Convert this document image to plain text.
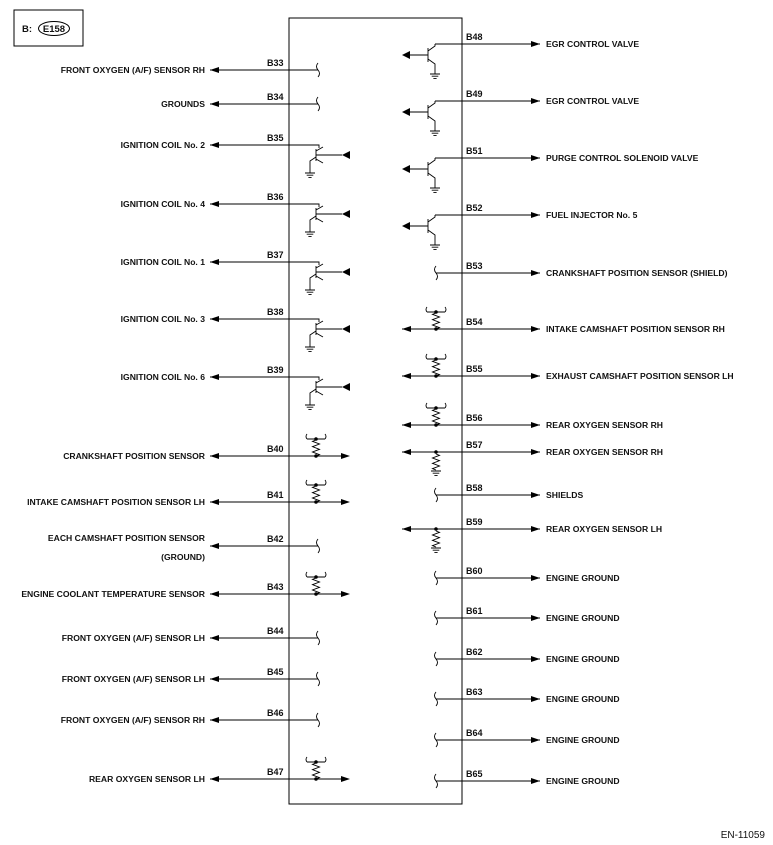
B: E158
FRONT OXYGEN (A/F) SENSOR RH
B33
GROUNDS
B34
IGNITION COIL No. 2
B35
IGNITION COIL No. 4
B36
IGNITION COIL No. 1
B37
IGNITION COIL No. 3
B38
IGNITION COIL No. 6
B39
CRANKSHAFT POSITION SENSOR
B40
INTAKE CAMSHAFT POSITION SENSOR LH
B41
EACH CAMSHAFT POSITION SENSOR
(GROUND)
B42
ENGINE COOLANT TEMPERATURE SENSOR
B43
FRONT OXYGEN (A/F) SENSOR LH
B44
FRONT OXYGEN (A/F) SENSOR LH
B45
FRONT OXYGEN (A/F) SENSOR RH
B46
REAR OXYGEN SENSOR LH
B47
EGR CONTROL VALVE
B48
EGR CONTROL VALVE
B49
PURGE CONTROL SOLENOID VALVE
B51
FUEL INJECTOR No. 5
B52
CRANKSHAFT POSITION SENSOR (SHIELD)
B53
INTAKE CAMSHAFT POSITION SENSOR RH
B54
EXHAUST CAMSHAFT POSITION SENSOR LH
B55
REAR OXYGEN SENSOR RH
B56
REAR OXYGEN SENSOR RH
B57
SHIELDS
B58
REAR OXYGEN SENSOR LH
B59
ENGINE GROUND
B60
ENGINE GROUND
B61
ENGINE GROUND
B62
ENGINE GROUND
B63
ENGINE GROUND
B64
ENGINE GROUND
B65
EN-11059
